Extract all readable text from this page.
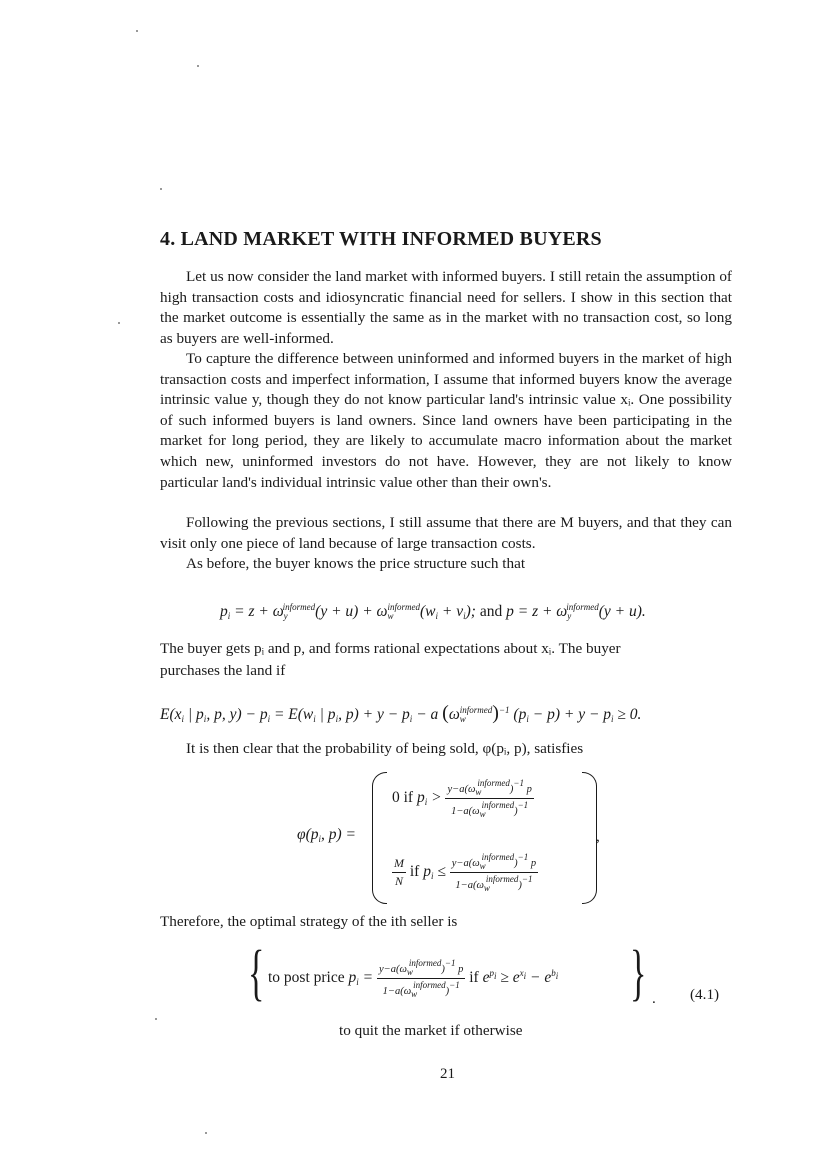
4. LAND MARKET WITH INFORMED BUYERS

Let us now consider the land market with informed buyers. I still retain the assumption of high transaction costs and idiosyncratic financial need for sellers. I show in this section that the market outcome is essentially the same as in the market with no transaction cost, so long as buyers are well-informed.

To capture the difference between uninformed and informed buyers in the market of high transaction costs and imperfect information, I assume that informed buyers know the average intrinsic value y, though they do not know particular land's intrinsic value xᵢ. One possibility of such informed buyers is land owners. Since land owners have been participating in the market for long period, they are likely to accumulate macro information about the market which new, uninformed investors do not have. However, they are not likely to know particular land's individual intrinsic value other than their own's.

Following the previous sections, I still assume that there are M buyers, and that they can visit only one piece of land because of large transaction costs.

As before, the buyer knows the price structure such that

$p_i = z + \omega_y^{informed}(y + u) + \omega_w^{informed}(w_i + v_i)$; and $p = z + \omega_y^{informed}(y + u)$.
The buyer gets pᵢ and p, and forms rational expectations about xᵢ. The buyer
purchases the land if
$E(x_i$ | $p_i$, p, $y) - p_i = E(w_i$ | $p_i$, $p) + y - p_i - a$ $(\omega_w^{informed})^{-1}$ $(p_i - p) + y - p_i \ge 0$.
It is then clear that the probability of being sold, φ(pᵢ, p), satisfies
$\varphi(p_i$, p) =	,
0 if $p_i > \frac{y-a(\omega_w^{informed})^{-1} p}{1-a(\omega_w^{informed})^{-1}}$
$\frac{M}{N}$ if $p_i \le \frac{y-a(\omega_w^{informed})^{-1} p}{1-a(\omega_w^{informed})^{-1}}$
Therefore, the optimal strategy of the ith seller is
{	}
to post price $p_i = \frac{y-a(\omega_w^{informed})^{-1} p}{1-a(\omega_w^{informed})^{-1}}$ if $e^{p_i} \ge e^{x_i} - e^{b_i}$
to quit the market if otherwise
. (4.1)
21
